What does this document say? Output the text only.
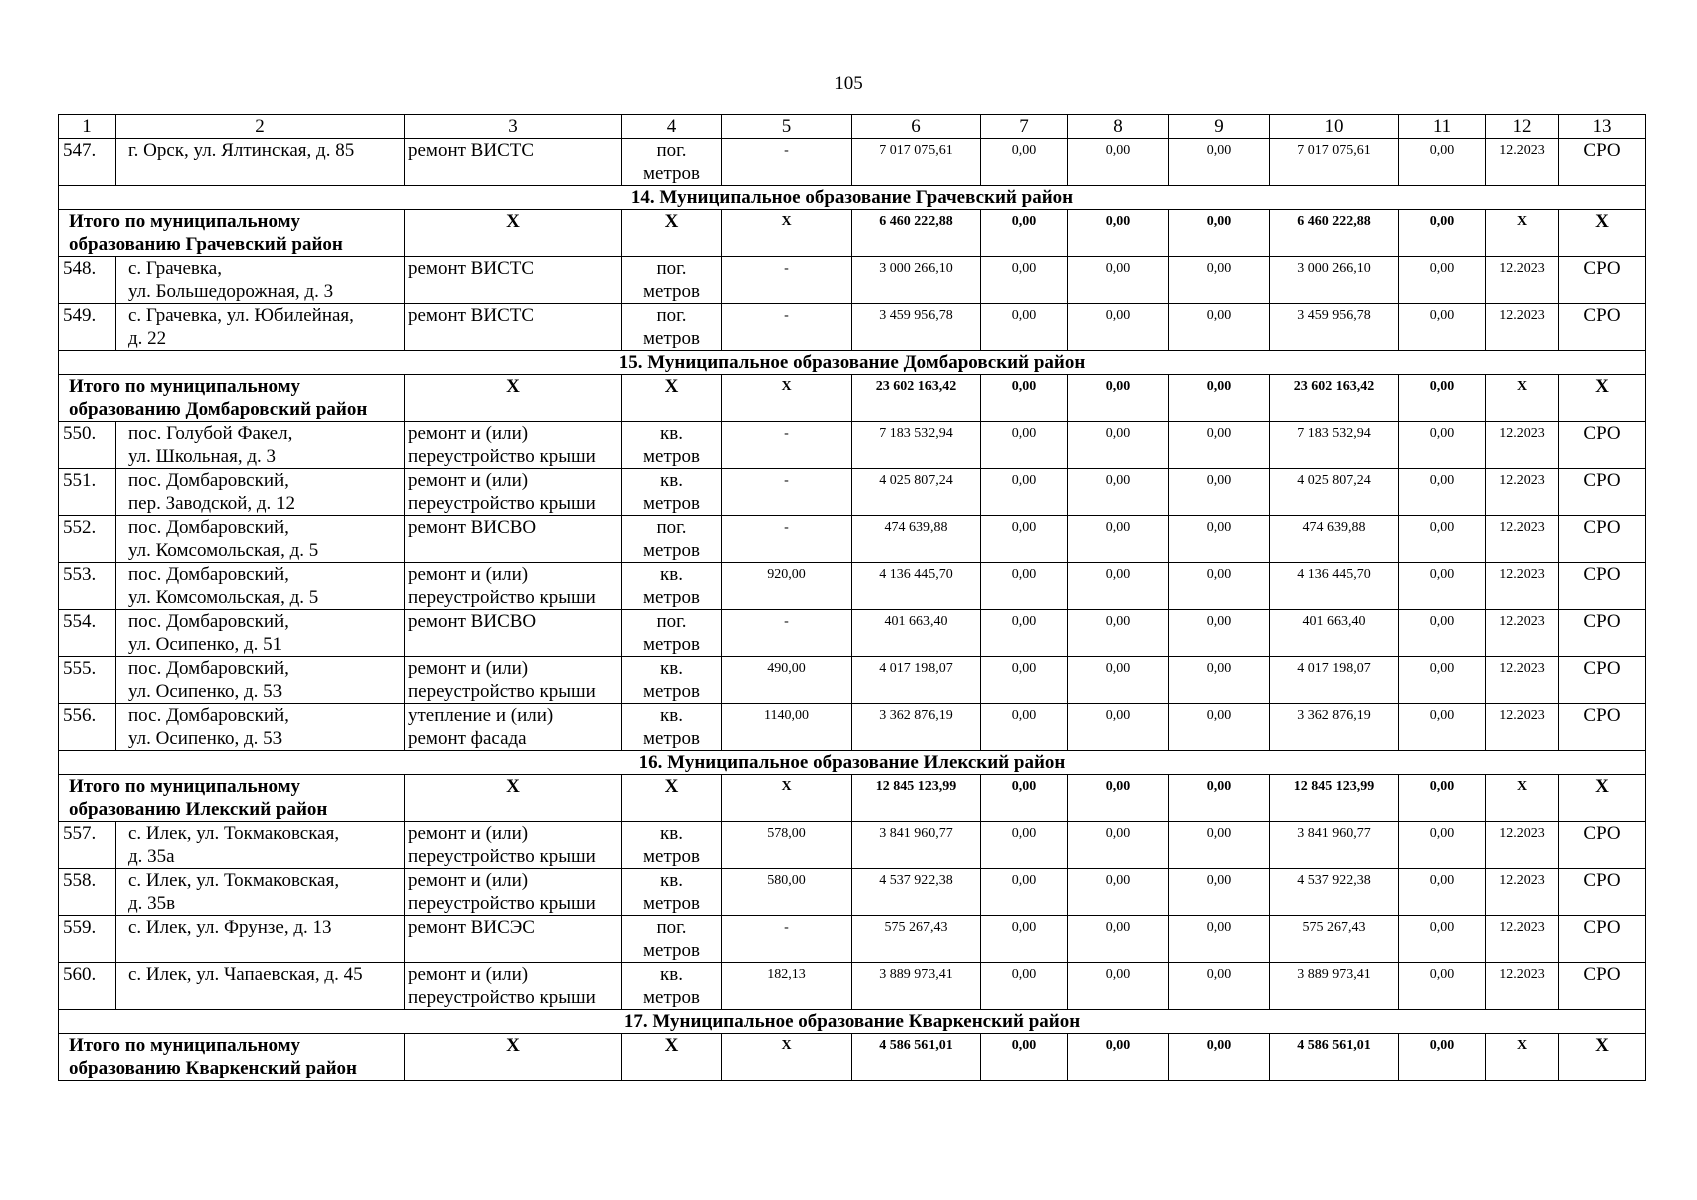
105
1	2	3	4	5	6	7	8	9	10	11	12	13
547.	г. Орск, ул. Ялтинская, д. 85	ремонт ВИСТС	пог.
метров	-	7 017 075,61	0,00	0,00	0,00	7 017 075,61	0,00	12.2023	СРО
14. Муниципальное образование Грачевский район												
Итого по муниципальному
образованию Грачевский район		X	X	X	6 460 222,88	0,00	0,00	0,00	6 460 222,88	0,00	X	X
548.	с. Грачевка,
ул. Большедорожная, д. 3	ремонт ВИСТС	пог.
метров	-	3 000 266,10	0,00	0,00	0,00	3 000 266,10	0,00	12.2023	СРО
549.	с. Грачевка, ул. Юбилейная,
д. 22	ремонт ВИСТС	пог.
метров	-	3 459 956,78	0,00	0,00	0,00	3 459 956,78	0,00	12.2023	СРО
15. Муниципальное образование Домбаровский район												
Итого по муниципальному
образованию Домбаровский район		X	X	X	23 602 163,42	0,00	0,00	0,00	23 602 163,42	0,00	X	X
550.	пос. Голубой Факел,
ул. Школьная, д. 3	ремонт и (или)
переустройство крыши	кв.
метров	-	7 183 532,94	0,00	0,00	0,00	7 183 532,94	0,00	12.2023	СРО
551.	пос. Домбаровский,
пер. Заводской, д. 12	ремонт и (или)
переустройство крыши	кв.
метров	-	4 025 807,24	0,00	0,00	0,00	4 025 807,24	0,00	12.2023	СРО
552.	пос. Домбаровский,
ул. Комсомольская, д. 5	ремонт ВИСВО	пог.
метров	-	474 639,88	0,00	0,00	0,00	474 639,88	0,00	12.2023	СРО
553.	пос. Домбаровский,
ул. Комсомольская, д. 5	ремонт и (или)
переустройство крыши	кв.
метров	920,00	4 136 445,70	0,00	0,00	0,00	4 136 445,70	0,00	12.2023	СРО
554.	пос. Домбаровский,
ул. Осипенко, д. 51	ремонт ВИСВО	пог.
метров	-	401 663,40	0,00	0,00	0,00	401 663,40	0,00	12.2023	СРО
555.	пос. Домбаровский,
ул. Осипенко, д. 53	ремонт и (или)
переустройство крыши	кв.
метров	490,00	4 017 198,07	0,00	0,00	0,00	4 017 198,07	0,00	12.2023	СРО
556.	пос. Домбаровский,
ул. Осипенко, д. 53	утепление и (или)
ремонт фасада	кв.
метров	1140,00	3 362 876,19	0,00	0,00	0,00	3 362 876,19	0,00	12.2023	СРО
16. Муниципальное образование Илекский район												
Итого по муниципальному
образованию Илекский район		X	X	X	12 845 123,99	0,00	0,00	0,00	12 845 123,99	0,00	X	X
557.	с. Илек, ул. Токмаковская,
д. 35а	ремонт и (или)
переустройство крыши	кв.
метров	578,00	3 841 960,77	0,00	0,00	0,00	3 841 960,77	0,00	12.2023	СРО
558.	с. Илек, ул. Токмаковская,
д. 35в	ремонт и (или)
переустройство крыши	кв.
метров	580,00	4 537 922,38	0,00	0,00	0,00	4 537 922,38	0,00	12.2023	СРО
559.	с. Илек, ул. Фрунзе, д. 13	ремонт ВИСЭС	пог.
метров	-	575 267,43	0,00	0,00	0,00	575 267,43	0,00	12.2023	СРО
560.	с. Илек, ул. Чапаевская, д. 45	ремонт и (или)
переустройство крыши	кв.
метров	182,13	3 889 973,41	0,00	0,00	0,00	3 889 973,41	0,00	12.2023	СРО
17. Муниципальное образование Кваркенский район												
Итого по муниципальному
образованию Кваркенский район		X	X	X	4 586 561,01	0,00	0,00	0,00	4 586 561,01	0,00	X	X
